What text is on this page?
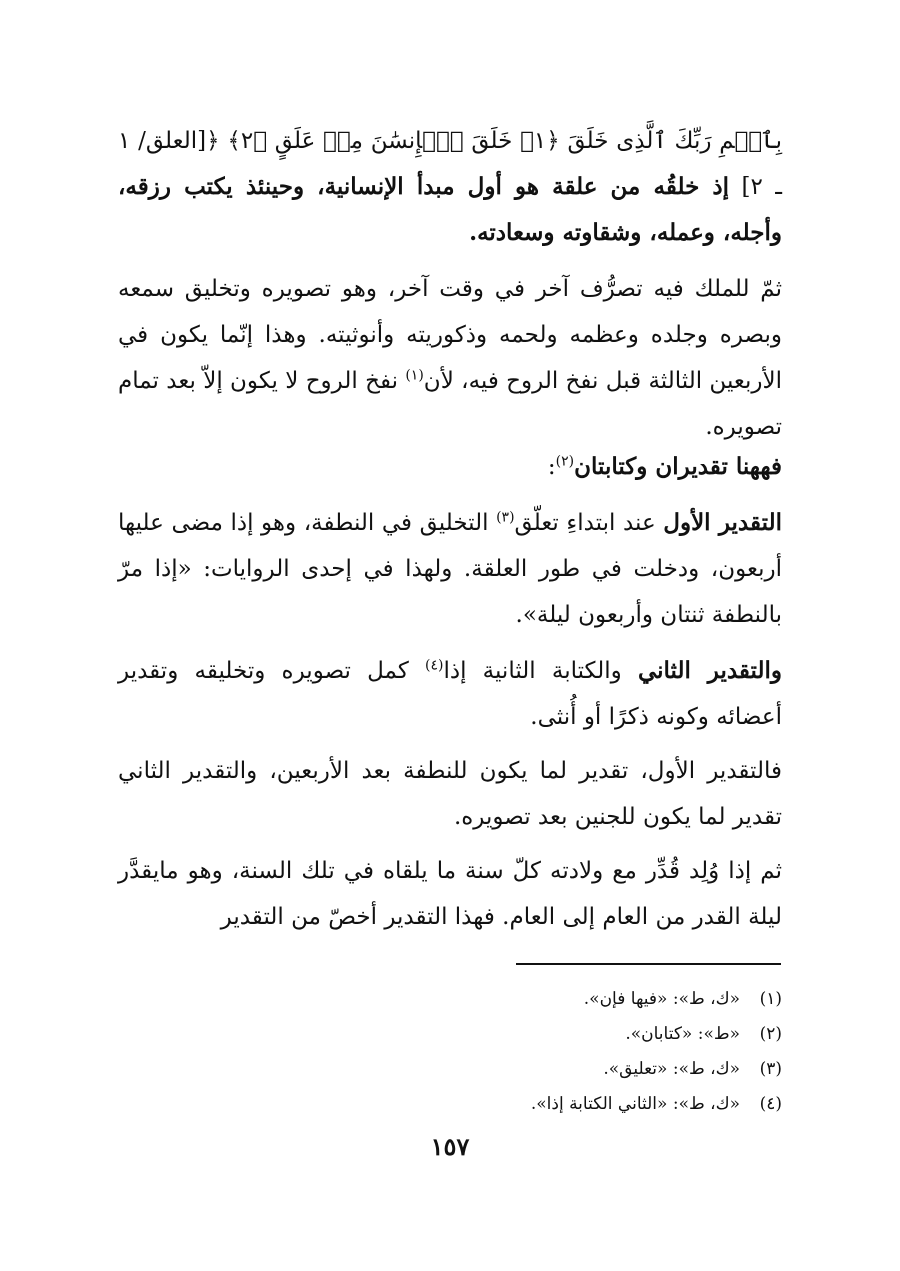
بِٱسۡمِ رَبِّكَ ٱلَّذِى خَلَقَ ﴿١﴾ خَلَقَ ٱلۡإِنسَٰنَ مِنۡ عَلَقٍ ﴿٢﴾ ﴿[العلق/ ١ ـ ٢] إذ خلقُه من علقة هو أول مبدأ الإنسانية، وحينئذ يكتب رزقه، وأجله، وعمله، وشقاوته وسعادته.

ثمّ للملك فيه تصرُّف آخر في وقت آخر، وهو تصويره وتخليق سمعه وبصره وجلده وعظمه ولحمه وذكوريته وأنوثيته. وهذا إنّما يكون في الأربعين الثالثة قبل نفخ الروح فيه، لأن$^{(١)}$ نفخ الروح لا يكون إلاّ بعد تمام تصويره.

فههنا تقديران وكتابتان$^{(٢)}$:

التقدير الأول عند ابتداءِ تعلّق$^{(٣)}$ التخليق في النطفة، وهو إذا مضى عليها أربعون، ودخلت في طور العلقة. ولهذا في إحدى الروايات: «إذا مرّ بالنطفة ثنتان وأربعون ليلة».

والتقدير الثاني والكتابة الثانية إذا$^{(٤)}$ كمل تصويره وتخليقه وتقدير أعضائه وكونه ذكرًا أو أُنثى.

فالتقدير الأول، تقدير لما يكون للنطفة بعد الأربعين، والتقدير الثاني تقدير لما يكون للجنين بعد تصويره.

ثم إذا وُلِد قُدِّر مع ولادته كلّ سنة ما يلقاه في تلك السنة، وهو مايقدَّر ليلة القدر من العام إلى العام. فهذا التقدير أخصّ من التقدير

(١)«ك، ط»: «فيها فإن».
(٢)«ط»: «كتابان».
(٣)«ك، ط»: «تعليق».
(٤)«ك، ط»: «الثاني الكتابة إذا».
١٥٧
